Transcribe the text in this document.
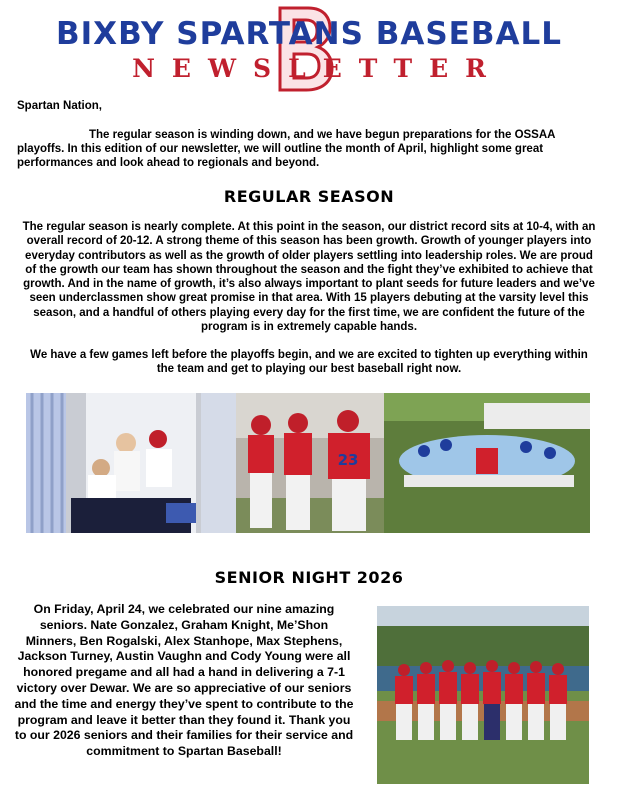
BIXBY SPARTANS BASEBALL
NEWSLETTER
Spartan Nation,
The regular season is winding down, and we have begun preparations for the OSSAA playoffs. In this edition of our newsletter, we will outline the month of April, highlight some great performances and look ahead to regionals and beyond.
REGULAR SEASON
The regular season is nearly complete. At this point in the season, our district record sits at 10-4, with an overall record of 20-12. A strong theme of this season has been growth. Growth of younger players into everyday contributors as well as the growth of older players settling into leadership roles. We are proud of the growth our team has shown throughout the season and the fight they’ve exhibited to achieve that growth. And in the name of growth, it’s also always important to plant seeds for future leaders and we’ve seen underclassmen show great promise in that area. With 15 players debuting at the varsity level this season, and a handful of others playing every day for the first time, we are confident the future of the program is in extremely capable hands.
We have a few games left before the playoffs begin, and we are excited to tighten up everything within the team and get to playing our best baseball right now.
23
SENIOR NIGHT 2026
On Friday, April 24, we celebrated our nine amazing seniors. Nate Gonzalez, Graham Knight, Me’Shon Minners, Ben Rogalski, Alex Stanhope, Max Stephens, Jackson Turney, Austin Vaughn and Cody Young were all honored pregame and all had a hand in delivering a 7-1 victory over Dewar. We are so appreciative of our seniors and the time and energy they’ve spent to contribute to the program and leave it better than they found it. Thank you to our 2026 seniors and their families for their service and commitment to Spartan Baseball!
